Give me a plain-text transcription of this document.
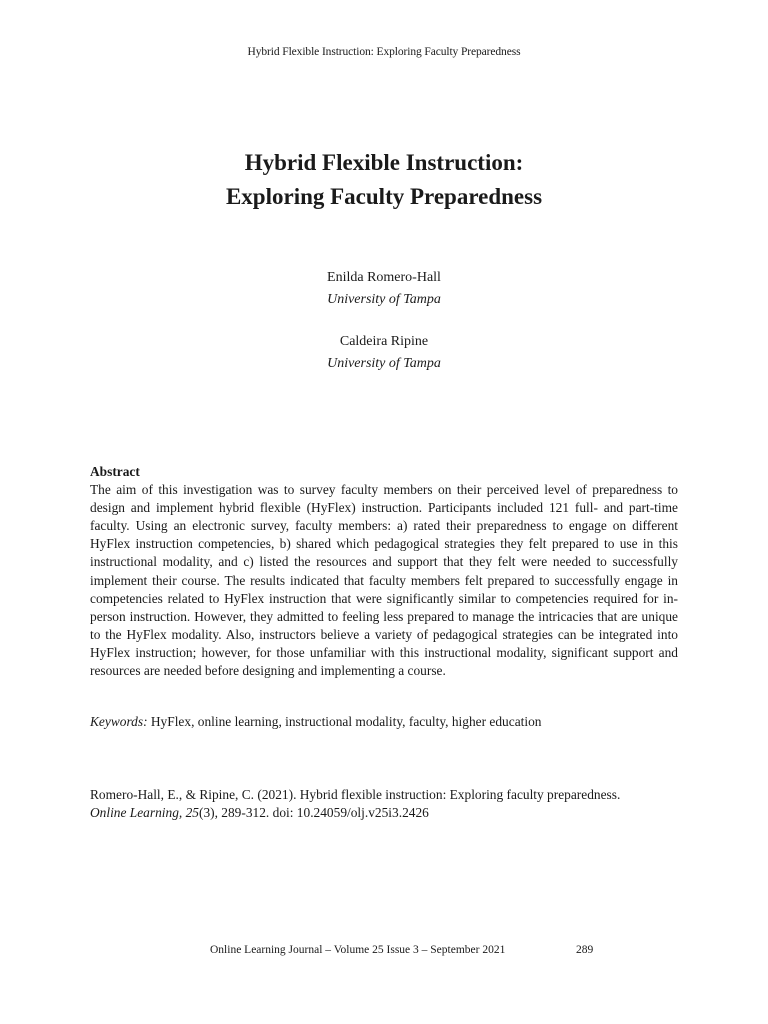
Hybrid Flexible Instruction: Exploring Faculty Preparedness
Hybrid Flexible Instruction:
Exploring Faculty Preparedness
Enilda Romero-Hall
University of Tampa
Caldeira Ripine
University of Tampa
Abstract

The aim of this investigation was to survey faculty members on their perceived level of preparedness to design and implement hybrid flexible (HyFlex) instruction. Participants included 121 full- and part-time faculty. Using an electronic survey, faculty members: a) rated their preparedness to engage on different HyFlex instruction competencies, b) shared which pedagogical strategies they felt prepared to use in this instructional modality, and c) listed the resources and support that they felt were needed to successfully implement their course. The results indicated that faculty members felt prepared to successfully engage in competencies related to HyFlex instruction that were significantly similar to competencies required for in-person instruction. However, they admitted to feeling less prepared to manage the intricacies that are unique to the HyFlex modality. Also, instructors believe a variety of pedagogical strategies can be integrated into HyFlex instruction; however, for those unfamiliar with this instructional modality, significant support and resources are needed before designing and implementing a course.

Keywords: HyFlex, online learning, instructional modality, faculty, higher education
Romero-Hall, E., & Ripine, C. (2021). Hybrid flexible instruction: Exploring faculty preparedness. Online Learning, 25(3), 289-312. doi: 10.24059/olj.v25i3.2426
Online Learning Journal – Volume 25 Issue 3 – September 2021	289
